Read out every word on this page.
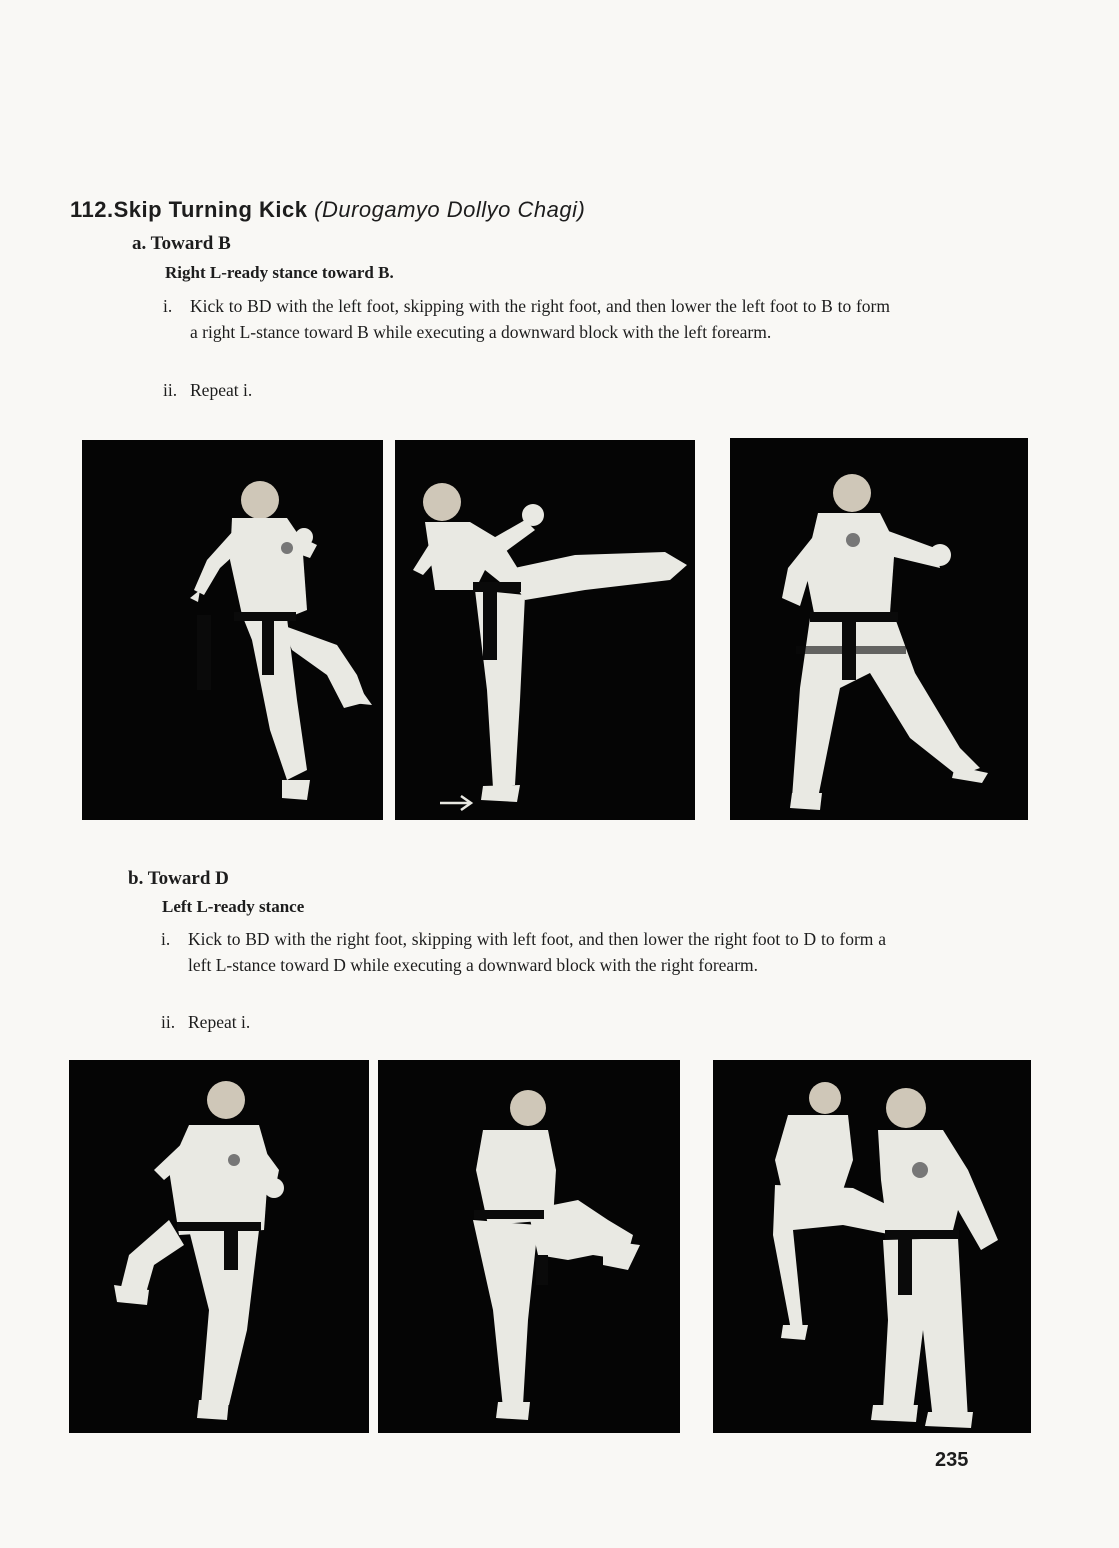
112.Skip Turning Kick (Durogamyo Dollyo Chagi)

a. Toward B

Right L-ready stance toward B.

i.	Kick to BD with the left foot, skipping with the right foot, and then lower the left foot to B to form a right L-stance toward B while executing a downward block with the left forearm.
ii. Repeat i.

b. Toward D

Left L-ready stance

i.	Kick to BD with the right foot, skipping with left foot, and then lower the right foot to D to form a left L-stance toward D while executing a downward block with the right forearm.
ii. Repeat i.

235
